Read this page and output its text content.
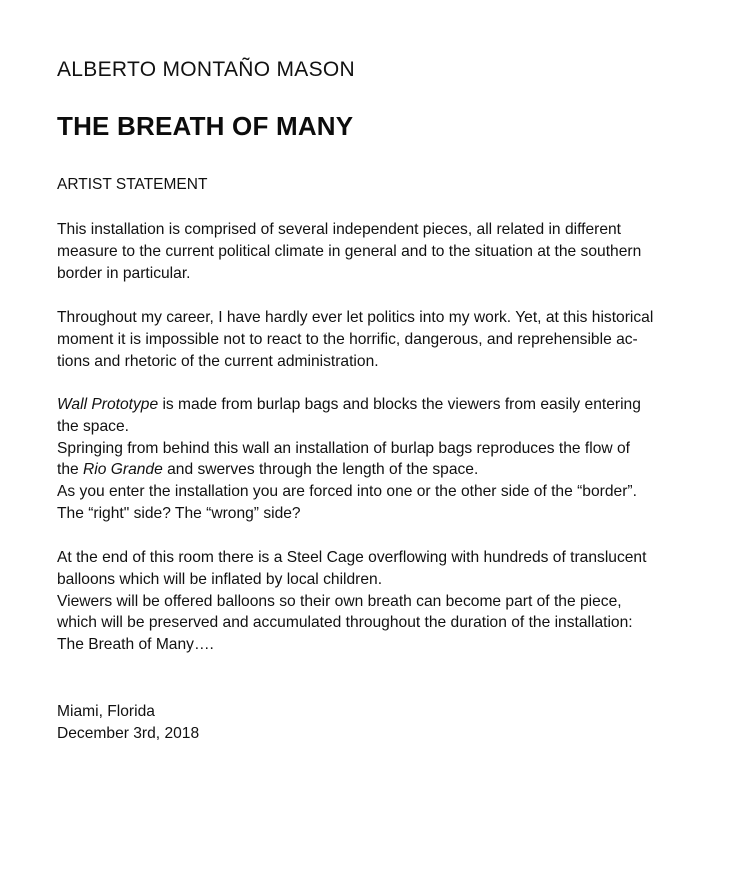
ALBERTO MONTAÑO MASON
THE BREATH OF MANY
ARTIST STATEMENT

This installation is comprised of several independent pieces, all related in different
measure to the current political climate in general and to the situation at the southern
border in particular.

Throughout my career, I have hardly ever let politics into my work. Yet, at this historical
moment it is impossible not to react to the horrific, dangerous, and reprehensible ac-
tions and rhetoric of the current administration.

Wall Prototype is made from burlap bags and blocks the viewers from easily entering
the space.
Springing from behind this wall an installation of burlap bags reproduces the flow of
the Rio Grande and swerves through the length of the space.
As you enter the installation you are forced into one or the other side of the “border”.
The “right" side? The “wrong” side?

At the end of this room there is a Steel Cage overflowing with hundreds of translucent
balloons which will be inflated by local children.
Viewers will be offered balloons so their own breath can become part of the piece,
which will be preserved and accumulated throughout the duration of the installation:
The Breath of Many….

Miami, Florida
December 3rd, 2018
